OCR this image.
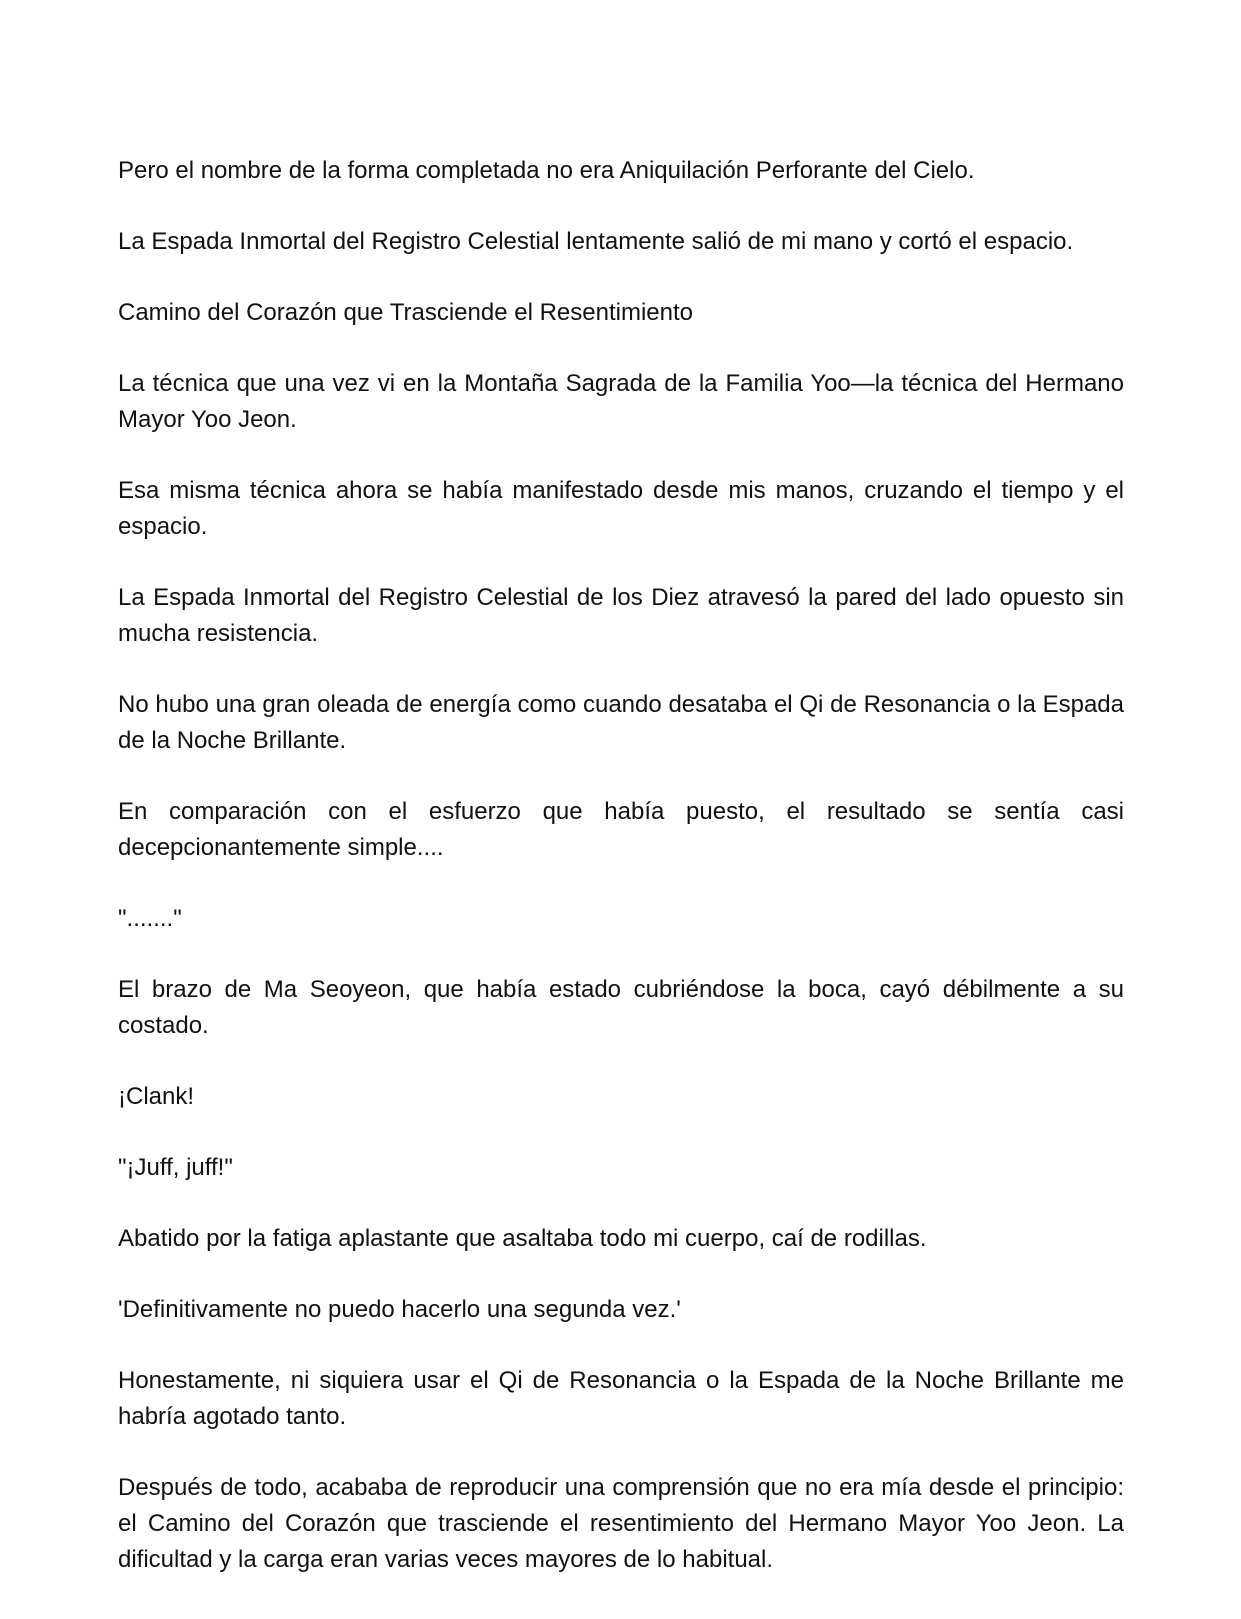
Pero el nombre de la forma completada no era Aniquilación Perforante del Cielo.

La Espada Inmortal del Registro Celestial lentamente salió de mi mano y cortó el espacio.

Camino del Corazón que Trasciende el Resentimiento

La técnica que una vez vi en la Montaña Sagrada de la Familia Yoo—la técnica del Hermano Mayor Yoo Jeon.

Esa misma técnica ahora se había manifestado desde mis manos, cruzando el tiempo y el espacio.

La Espada Inmortal del Registro Celestial de los Diez atravesó la pared del lado opuesto sin mucha resistencia.

No hubo una gran oleada de energía como cuando desataba el Qi de Resonancia o la Espada de la Noche Brillante.

En comparación con el esfuerzo que había puesto, el resultado se sentía casi decepcionantemente simple....

"......."

El brazo de Ma Seoyeon, que había estado cubriéndose la boca, cayó débilmente a su costado.

¡Clank!

"¡Juff, juff!"

Abatido por la fatiga aplastante que asaltaba todo mi cuerpo, caí de rodillas.

'Definitivamente no puedo hacerlo una segunda vez.'

Honestamente, ni siquiera usar el Qi de Resonancia o la Espada de la Noche Brillante me habría agotado tanto.

Después de todo, acababa de reproducir una comprensión que no era mía desde el principio: el Camino del Corazón que trasciende el resentimiento del Hermano Mayor Yoo Jeon. La dificultad y la carga eran varias veces mayores de lo habitual.
